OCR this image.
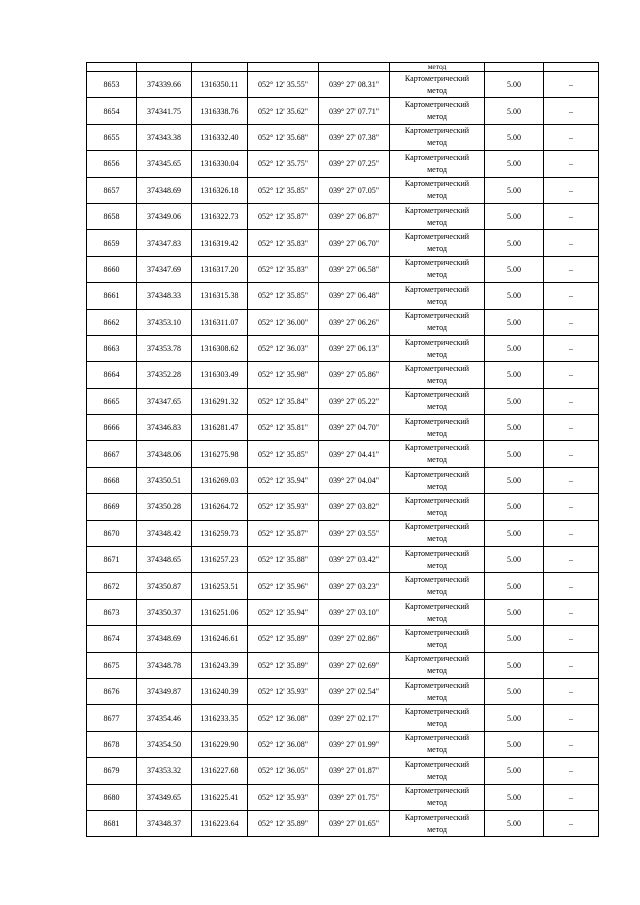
					метод		
8653	374339.66	1316350.11	052° 12' 35.55"	039° 27' 08.31"	Картометрический
метод	5.00	–
8654	374341.75	1316338.76	052° 12' 35.62"	039° 27' 07.71"	Картометрический
метод	5.00	–
8655	374343.38	1316332.40	052° 12' 35.68"	039° 27' 07.38"	Картометрический
метод	5.00	–
8656	374345.65	1316330.04	052° 12' 35.75"	039° 27' 07.25"	Картометрический
метод	5.00	–
8657	374348.69	1316326.18	052° 12' 35.85"	039° 27' 07.05"	Картометрический
метод	5.00	–
8658	374349.06	1316322.73	052° 12' 35.87"	039° 27' 06.87"	Картометрический
метод	5.00	–
8659	374347.83	1316319.42	052° 12' 35.83"	039° 27' 06.70"	Картометрический
метод	5.00	–
8660	374347.69	1316317.20	052° 12' 35.83"	039° 27' 06.58"	Картометрический
метод	5.00	–
8661	374348.33	1316315.38	052° 12' 35.85"	039° 27' 06.48"	Картометрический
метод	5.00	–
8662	374353.10	1316311.07	052° 12' 36.00"	039° 27' 06.26"	Картометрический
метод	5.00	–
8663	374353.78	1316308.62	052° 12' 36.03"	039° 27' 06.13"	Картометрический
метод	5.00	–
8664	374352.28	1316303.49	052° 12' 35.98"	039° 27' 05.86"	Картометрический
метод	5.00	–
8665	374347.65	1316291.32	052° 12' 35.84"	039° 27' 05.22"	Картометрический
метод	5.00	–
8666	374346.83	1316281.47	052° 12' 35.81"	039° 27' 04.70"	Картометрический
метод	5.00	–
8667	374348.06	1316275.98	052° 12' 35.85"	039° 27' 04.41"	Картометрический
метод	5.00	–
8668	374350.51	1316269.03	052° 12' 35.94"	039° 27' 04.04"	Картометрический
метод	5.00	–
8669	374350.28	1316264.72	052° 12' 35.93"	039° 27' 03.82"	Картометрический
метод	5.00	–
8670	374348.42	1316259.73	052° 12' 35.87"	039° 27' 03.55"	Картометрический
метод	5.00	–
8671	374348.65	1316257.23	052° 12' 35.88"	039° 27' 03.42"	Картометрический
метод	5.00	–
8672	374350.87	1316253.51	052° 12' 35.96"	039° 27' 03.23"	Картометрический
метод	5.00	–
8673	374350.37	1316251.06	052° 12' 35.94"	039° 27' 03.10"	Картометрический
метод	5.00	–
8674	374348.69	1316246.61	052° 12' 35.89"	039° 27' 02.86"	Картометрический
метод	5.00	–
8675	374348.78	1316243.39	052° 12' 35.89"	039° 27' 02.69"	Картометрический
метод	5.00	–
8676	374349.87	1316240.39	052° 12' 35.93"	039° 27' 02.54"	Картометрический
метод	5.00	–
8677	374354.46	1316233.35	052° 12' 36.08"	039° 27' 02.17"	Картометрический
метод	5.00	–
8678	374354.50	1316229.90	052° 12' 36.08"	039° 27' 01.99"	Картометрический
метод	5.00	–
8679	374353.32	1316227.68	052° 12' 36.05"	039° 27' 01.87"	Картометрический
метод	5.00	–
8680	374349.65	1316225.41	052° 12' 35.93"	039° 27' 01.75"	Картометрический
метод	5.00	–
8681	374348.37	1316223.64	052° 12' 35.89"	039° 27' 01.65"	Картометрический
метод	5.00	–
